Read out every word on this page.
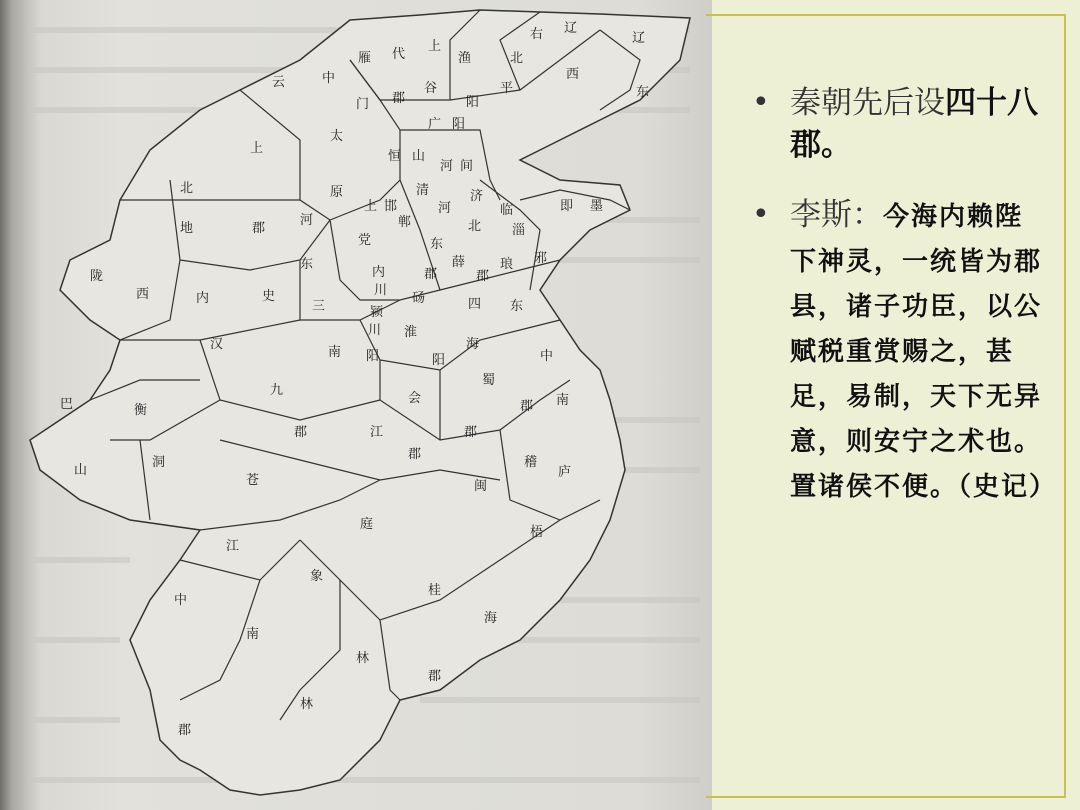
右 辽
辽
上
渔	北
西
东
雁 代
谷	平
云	中
门 郡	阳
广 阳
太
恒 山
河 间
上
北	原	清	济
临	即 墨
地	郡
河
上 邯
郸
河
北 淄
党	东
东	琅 邪
陇
西	内	史
内	郡
薛
郡
三
川
砀	四 东
汉
颍
淮
川
南 阳	阳
海
中
九
蜀
巴	衡
会	南
郡	江	郡
郡
山
郡
稽
洞
庐
苍	闽
庭
梧
江
象
桂
中
南
海
林
郡
林
郡
• 秦朝先后设四十八郡。
• 李斯：今海内赖陛下神灵，一统皆为郡县，诸子功臣，以公赋税重赏赐之，甚足，易制，天下无异意，则安宁之术也。置诸侯不便。（史记）
